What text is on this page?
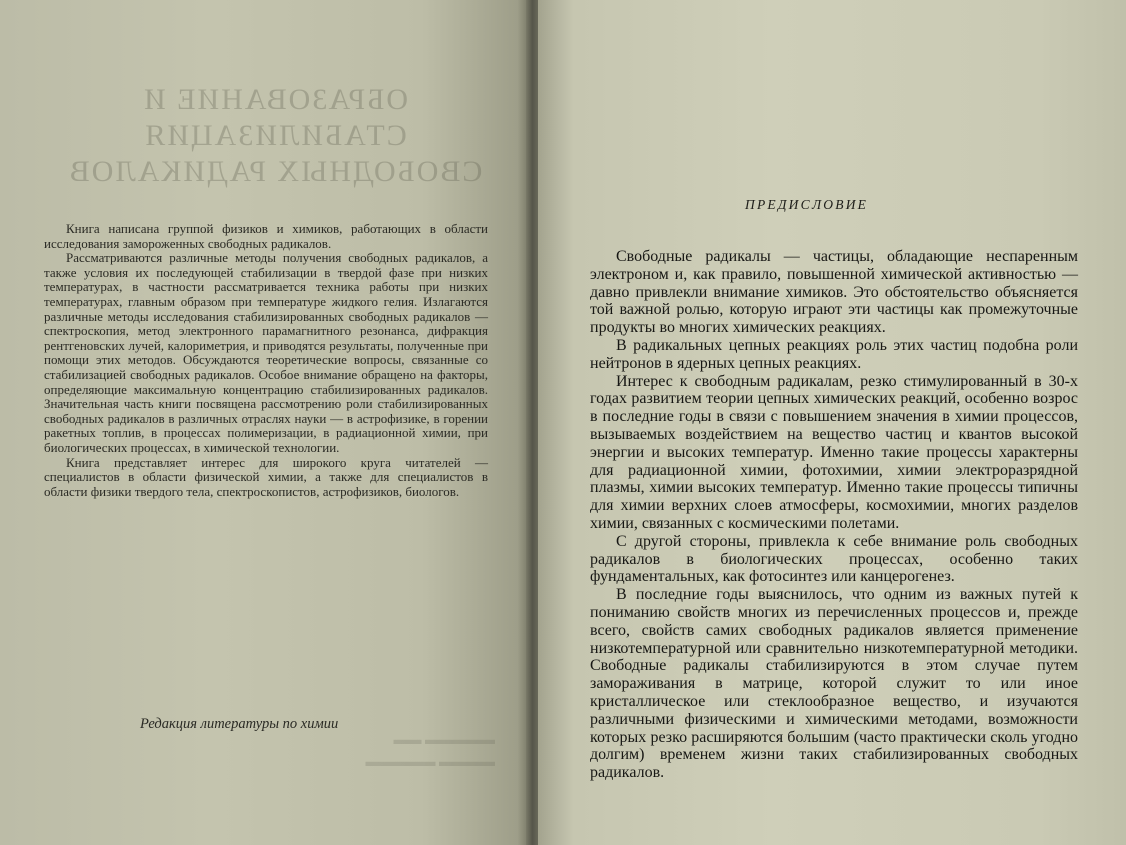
ОБРАЗОВАНИЕ И СТАБИЛИЗАЦИЯ
СВОБОДНЫХ РАДИКАЛОВ
▬▬▬▬▬ ▬▬
▬▬▬▬ ▬▬▬▬▬

Книга написана группой физиков и химиков, работающих в области исследования замороженных свободных радикалов.

Рассматриваются различные методы получения свободных радикалов, а также условия их последующей стабилизации в твердой фазе при низких температурах, в частности рассматривается техника работы при низких температурах, главным образом при температуре жидкого гелия. Излагаются различные методы исследования стабилизированных свободных радикалов — спектроскопия, метод электронного парамагнитного резонанса, дифракция рентгеновских лучей, калориметрия, и приводятся результаты, полученные при помощи этих методов. Обсуждаются теоретические вопросы, связанные со стабилизацией свободных радикалов. Особое внимание обращено на факторы, определяющие максимальную концентрацию стабилизированных радикалов. Значительная часть книги посвящена рассмотрению роли стабилизированных свободных радикалов в различных отраслях науки — в астрофизике, в горении ракетных топлив, в процессах полимеризации, в радиационной химии, при биологических процессах, в химической технологии.

Книга представляет интерес для широкого круга читателей — специалистов в области физической химии, а также для специалистов в области физики твердого тела, спектроскопистов, астрофизиков, биологов.

Редакция литературы по химии
ПРЕДИСЛОВИЕ

Свободные радикалы — частицы, обладающие неспаренным электроном и, как правило, повышенной химической активностью — давно привлекли внимание химиков. Это обстоятельство объясняется той важной ролью, которую играют эти частицы как промежуточные продукты во многих химических реакциях.

В радикальных цепных реакциях роль этих частиц подобна роли нейтронов в ядерных цепных реакциях.

Интерес к свободным радикалам, резко стимулированный в 30-х годах развитием теории цепных химических реакций, особенно возрос в последние годы в связи с повышением значения в химии процессов, вызываемых воздействием на вещество частиц и квантов высокой энергии и высоких температур. Именно такие процессы характерны для радиационной химии, фотохимии, химии электроразрядной плазмы, химии высоких температур. Именно такие процессы типичны для химии верхних слоев атмосферы, космохимии, многих разделов химии, связанных с космическими полетами.

С другой стороны, привлекла к себе внимание роль свободных радикалов в биологических процессах, особенно таких фундаментальных, как фотосинтез или канцерогенез.

В последние годы выяснилось, что одним из важных путей к пониманию свойств многих из перечисленных процессов и, прежде всего, свойств самих свободных радикалов является применение низкотемпературной или сравнительно низкотемпературной методики. Свободные радикалы стабилизируются в этом случае путем замораживания в матрице, которой служит то или иное кристаллическое или стеклообразное вещество, и изучаются различными физическими и химическими методами, возможности которых резко расширяются большим (часто практически сколь угодно долгим) временем жизни таких стабилизированных свободных радикалов.
